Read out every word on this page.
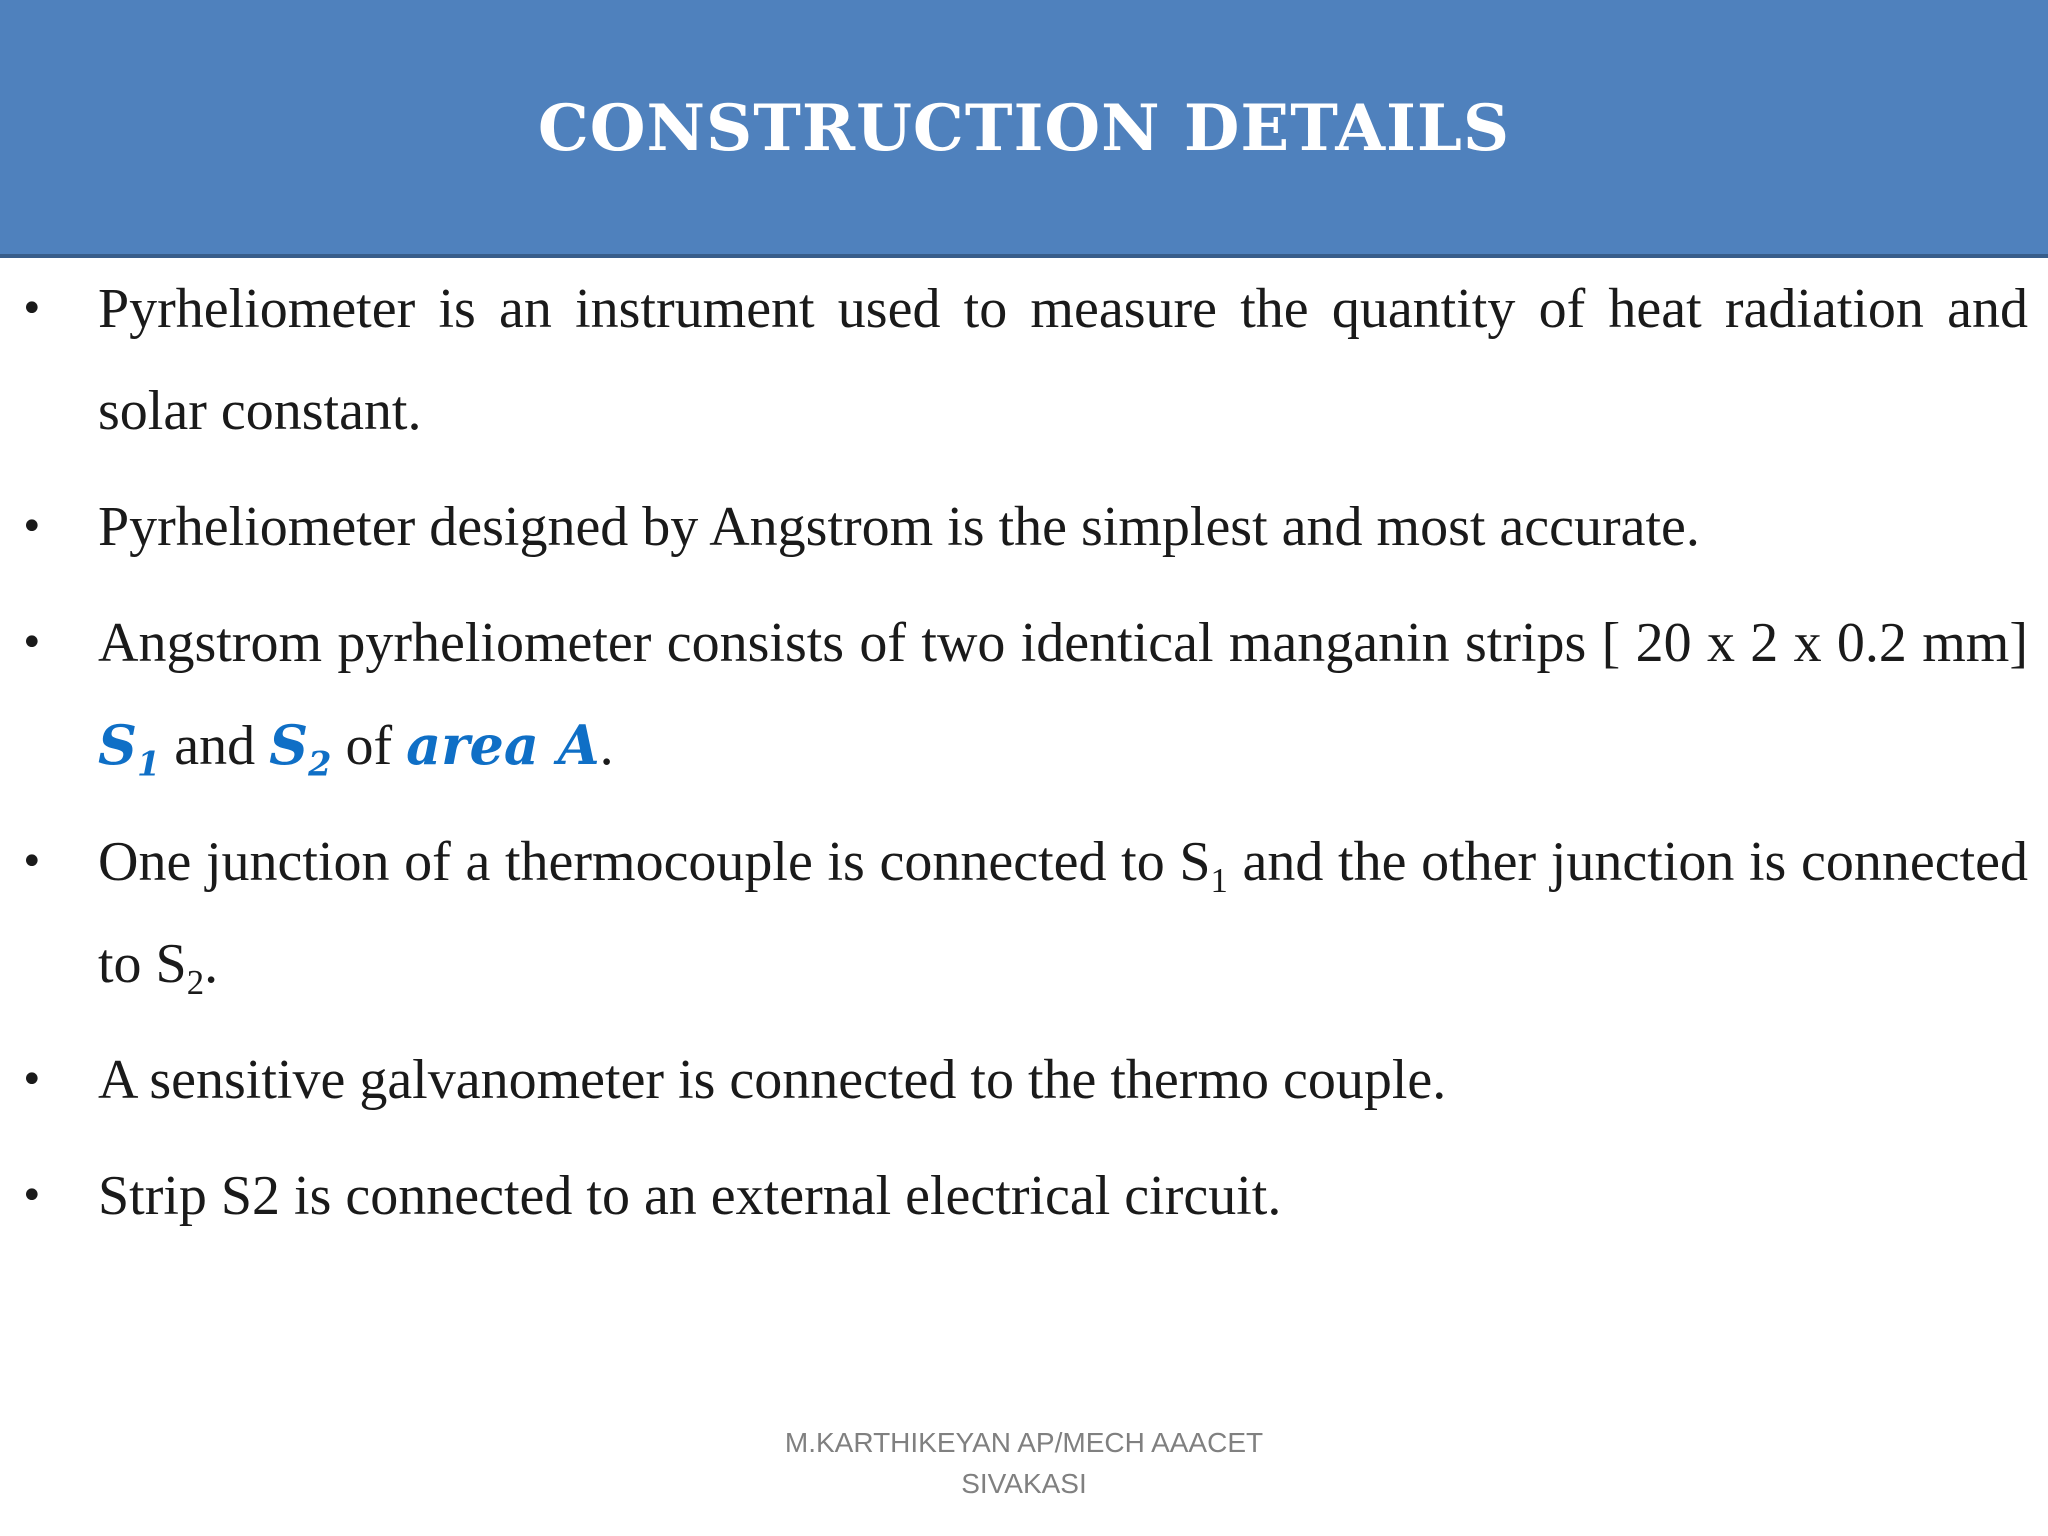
CONSTRUCTION DETAILS
• Pyrheliometer is an instrument used to measure the quantity of heat radiation and solar constant.
• Pyrheliometer designed by Angstrom is the simplest and most accurate.
• Angstrom pyrheliometer consists of two identical manganin strips [ 20 x 2 x 0.2 mm] $S_1$ and $S_2$ of area A.
• One junction of a thermocouple is connected to $S_1$ and the other junction is connected to $S_2$.
• A sensitive galvanometer is connected to the thermo couple.
• Strip S2 is connected to an external electrical circuit.
M.KARTHIKEYAN AP/MECH AAACET
SIVAKASI
